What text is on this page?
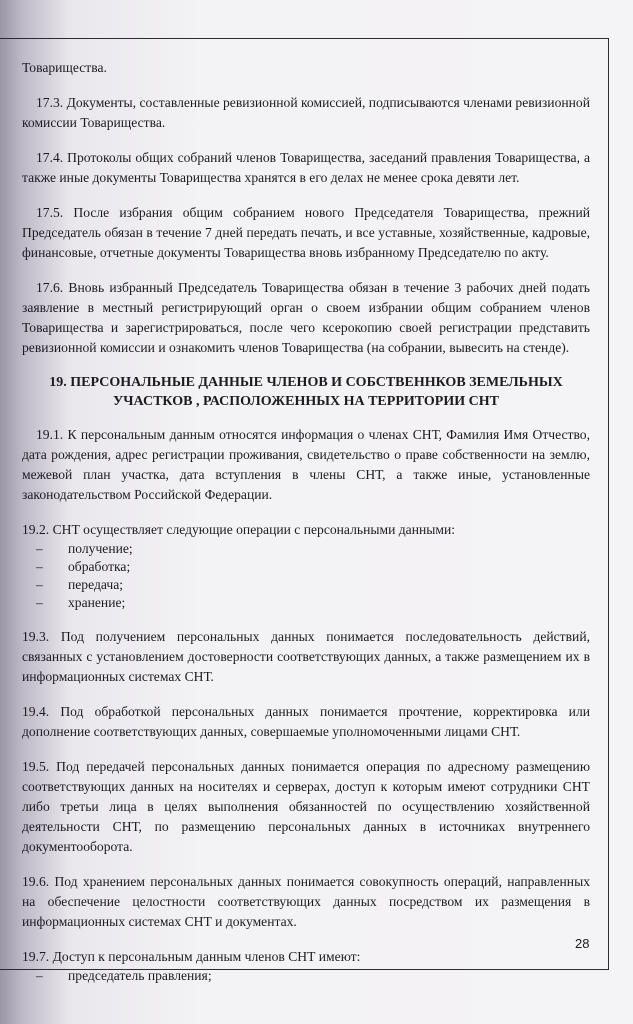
Товарищества.

17.3. Документы, составленные ревизионной комиссией, подписываются членами ревизионной комиссии Товарищества.

17.4. Протоколы общих собраний членов Товарищества, заседаний правления Товарищества, а также иные документы Товарищества хранятся в его делах не менее срока девяти лет.

17.5. После избрания общим собранием нового Председателя Товарищества, прежний Председатель обязан в течение 7 дней передать печать, и все уставные, хозяйственные, кадровые, финансовые, отчетные документы Товарищества вновь избранному Председателю по акту.

17.6. Вновь избранный Председатель Товарищества обязан в течение 3 рабочих дней подать заявление в местный регистрирующий орган о своем избрании общим собранием членов Товарищества и зарегистрироваться, после чего ксерокопию своей регистрации представить ревизионной комиссии и ознакомить членов Товарищества (на собрании, вывесить на стенде).

19. ПЕРСОНАЛЬНЫЕ ДАННЫЕ ЧЛЕНОВ И СОБСТВЕННКОВ ЗЕМЕЛЬНЫХ УЧАСТКОВ , РАСПОЛОЖЕННЫХ НА ТЕРРИТОРИИ СНТ

19.1. К персональным данным относятся информация о членах СНТ, Фамилия Имя Отчество, дата рождения, адрес регистрации проживания, свидетельство о праве собственности на землю, межевой план участка, дата вступления в члены СНТ, а также иные, установленные законодательством Российской Федерации.

19.2. СНТ осуществляет следующие операции с персональными данными:

– получение;
– обработка;
– передача;
– хранение;

19.3. Под получением персональных данных понимается последовательность действий, связанных с установлением достоверности соответствующих данных, а также размещением их в информационных системах СНТ.

19.4. Под обработкой персональных данных понимается прочтение, корректировка или дополнение соответствующих данных, совершаемые уполномоченными лицами СНТ.

19.5. Под передачей персональных данных понимается операция по адресному размещению соответствующих данных на носителях и серверах, доступ к которым имеют сотрудники СНТ либо третьи лица в целях выполнения обязанностей по осуществлению хозяйственной деятельности СНТ, по размещению персональных данных в источниках внутреннего документооборота.

19.6. Под хранением персональных данных понимается совокупность операций, направленных на обеспечение целостности соответствующих данных посредством их размещения в информационных системах СНТ и документах.

19.7. Доступ к персональным данным членов СНТ имеют:

– председатель правления;
28
